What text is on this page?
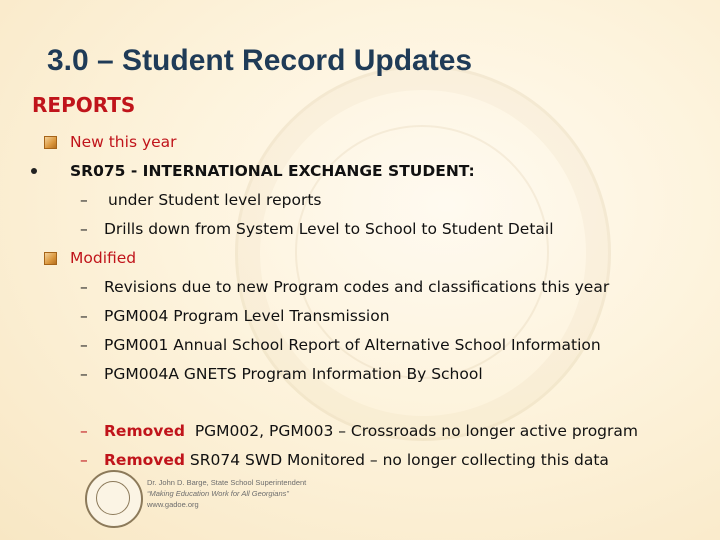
3.0 – Student Record Updates
REPORTS
New this year
SR075 - INTERNATIONAL EXCHANGE STUDENT:
– under Student level reports
– Drills down from System Level to School to Student Detail
Modified
– Revisions due to new Program codes and classifications this year
– PGM004 Program Level Transmission
– PGM001 Annual School Report of Alternative School Information
– PGM004A GNETS Program Information By School
– Removed PGM002, PGM003 – Crossroads no longer active program
– Removed SR074 SWD Monitored – no longer collecting this data
Dr. John D. Barge, State School Superintendent
“Making Education Work for All Georgians”
www.gadoe.org
